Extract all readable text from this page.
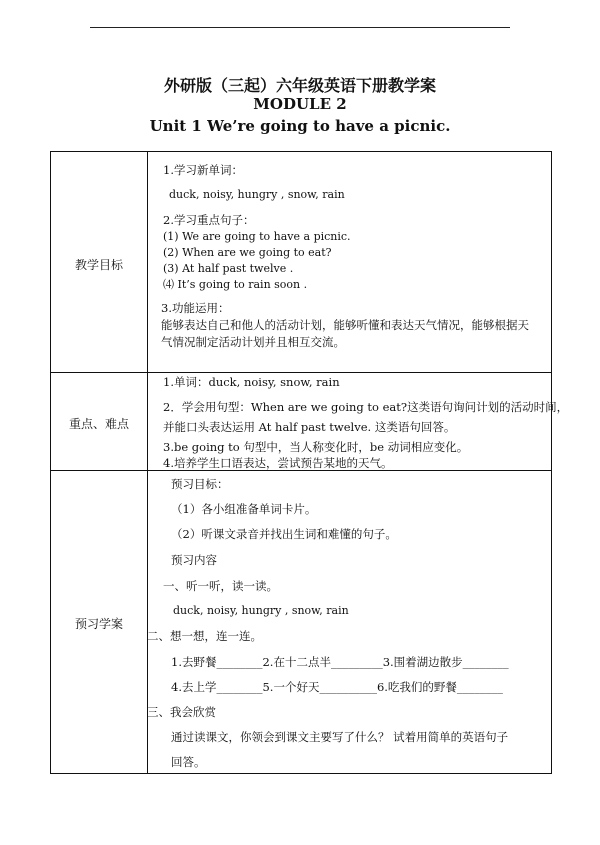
外研版（三起）六年级英语下册教学案
MODULE 2
Unit 1 We’re going to have a picnic.
教学目标
1.学习新单词：
duck, noisy, hungry , snow, rain
2.学习重点句子：
(1) We are going to have a picnic.
(2) When are we going to eat?
(3) At half past twelve .
⑷ It’s going to rain soon .
3.功能运用：
能够表达自己和他人的活动计划，能够听懂和表达天气情况，能够根据天
气情况制定活动计划并且相互交流。
重点、难点
1.单词：duck, noisy, snow, rain
2．学会用句型：When are we going to eat?这类语句询问计划的活动时间，
并能口头表达运用 At half past twelve. 这类语句回答。
3.be going to 句型中，当人称变化时，be 动词相应变化。
4.培养学生口语表达，尝试预告某地的天气。
预习学案
预习目标：
（1）各小组准备单词卡片。
（2）听课文录音并找出生词和难懂的句子。
预习内容
一、听一听，读一读。
duck, noisy, hungry , snow, rain
二、想一想，连一连。
1.去野餐________2.在十二点半_________3.围着湖边散步________
4.去上学________5.一个好天__________6.吃我们的野餐________
三、我会欣赏
通过读课文，你领会到课文主要写了什么？ 试着用简单的英语句子
回答。
